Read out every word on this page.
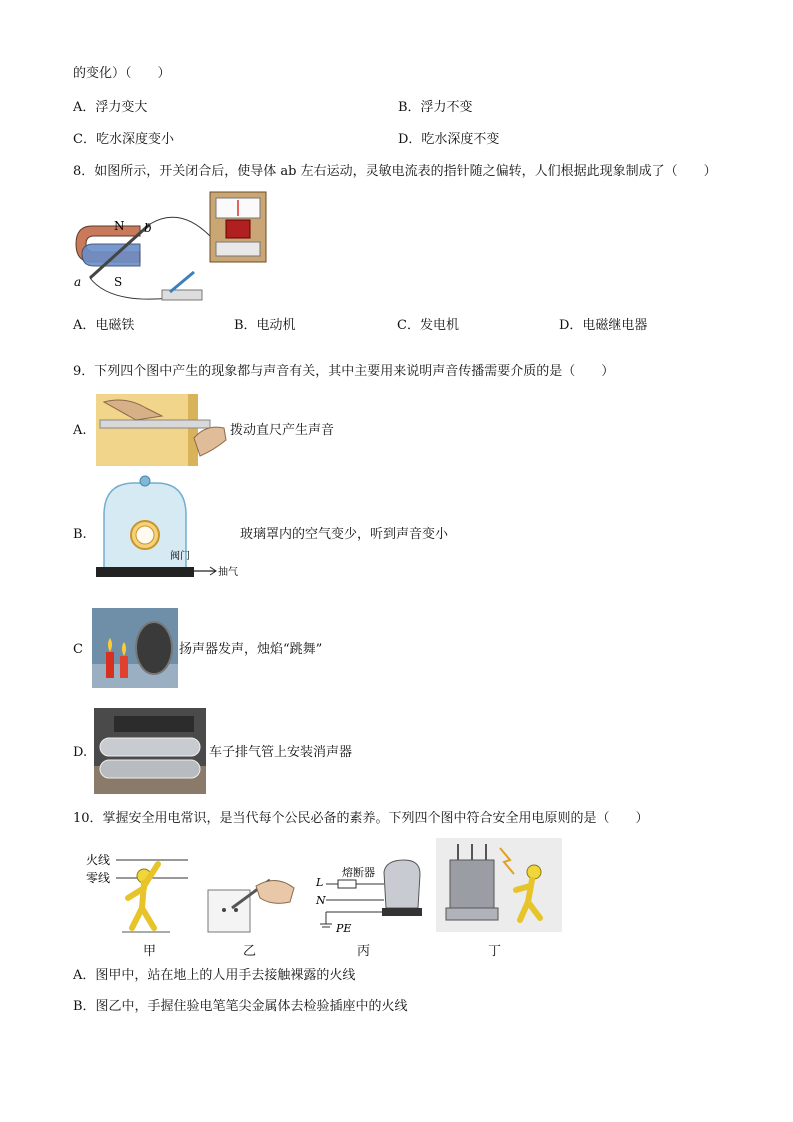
的变化）（　　）
A．浮力变大	B．浮力不变
C．吃水深度变小	D．吃水深度不变
8．如图所示，开关闭合后，使导体 ab 左右运动，灵敏电流表的指针随之偏转，人们根据此现象制成了（　　）
N
S
a
b
A．电磁铁	B．电动机	C．发电机	D．电磁继电器
9．下列四个图中产生的现象都与声音有关，其中主要用来说明声音传播需要介质的是（　　）
A.	拨动直尺产生声音
B.
阀门
抽气
玻璃罩内的空气变少，听到声音变小
C	扬声器发声，烛焰“跳舞”
D.	车子排气管上安装消声器
10．掌握安全用电常识，是当代每个公民必备的素养。下列四个图中符合安全用电原则的是（　　）
火线
零线	L
N
熔断器
PE
甲	乙	丙	丁
A．图甲中，站在地上的人用手去接触裸露的火线
B．图乙中，手握住验电笔笔尖金属体去检验插座中的火线
